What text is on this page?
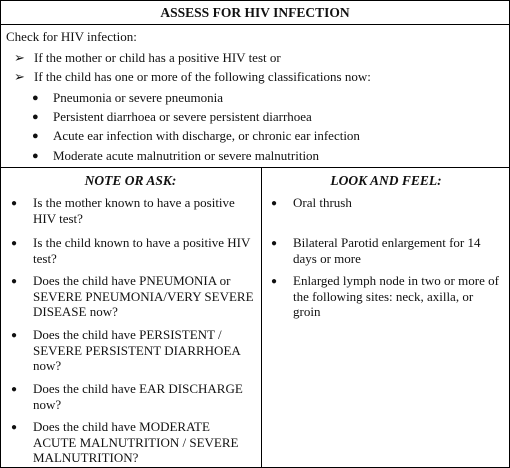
ASSESS FOR HIV INFECTION
Check for HIV infection:
➢ If the mother or child has a positive HIV test or
➢ If the child has one or more of the following classifications now:
● Pneumonia or severe pneumonia
● Persistent diarrhoea or severe persistent diarrhoea
● Acute ear infection with discharge, or chronic ear infection
● Moderate acute malnutrition or severe malnutrition
NOTE OR ASK:	LOOK AND FEEL:
● Is the mother known to have a positive HIV test?
● Is the child known to have a positive HIV test?
● Does the child have PNEUMONIA or SEVERE PNEUMONIA/VERY SEVERE DISEASE now?
● Does the child have PERSISTENT / SEVERE PERSISTENT DIARRHOEA now?
● Does the child have EAR DISCHARGE now?
● Does the child have MODERATE ACUTE MALNUTRITION / SEVERE MALNUTRITION?
● Oral thrush
● Bilateral Parotid enlargement for 14 days or more
● Enlarged lymph node in two or more of the following sites: neck, axilla, or groin
